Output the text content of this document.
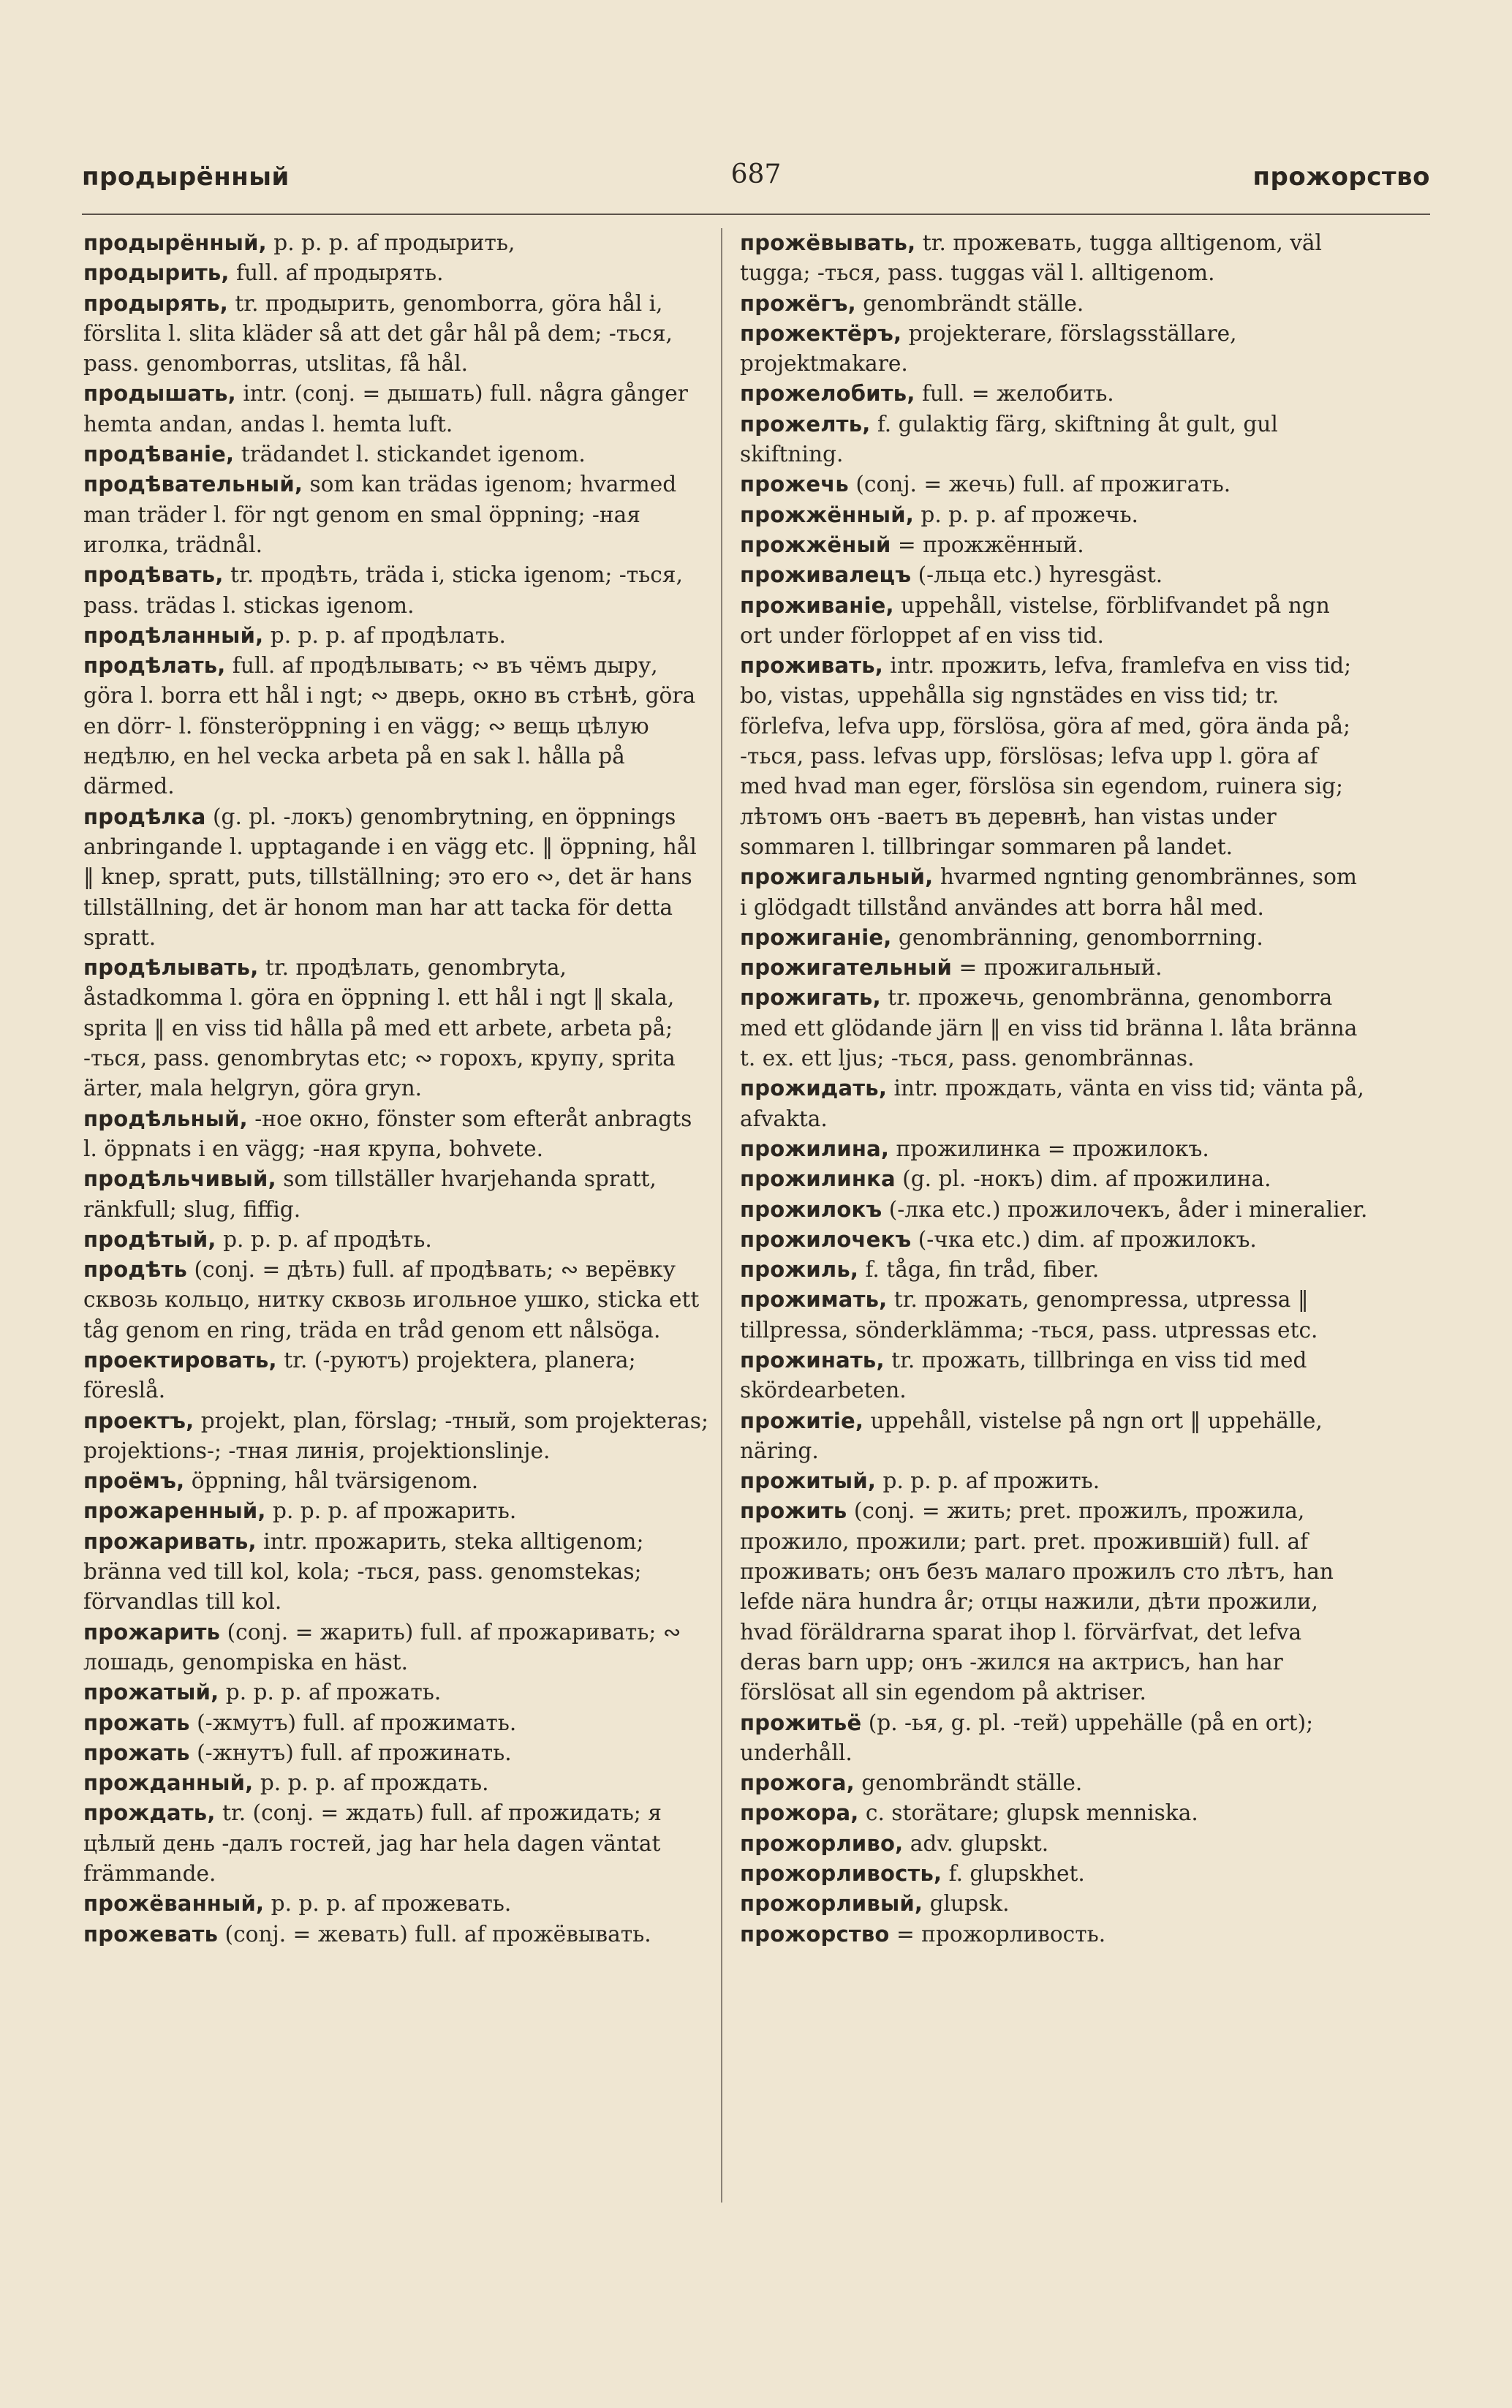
продырённый	687	прожорство

продырённый, p. p. p. af продырить,

продырить, full. af продырять.

продырять, tr. продырить, genomborra, göra hål i, förslita l. slita kläder så att det går hål på dem; -ться, pass. genomborras, utslitas, få hål.

продышать, intr. (conj. = дышать) full. några gånger hemta andan, andas l. hemta luft.

продѣваніе, trädandet l. stickandet igenom.

продѣвательный, som kan trädas igenom; hvarmed man träder l. för ngt genom en smal öppning; -ная иголка, trädnål.

продѣвать, tr. продѣть, träda i, sticka igenom; -ться, pass. trädas l. stickas igenom.

продѣланный, p. p. p. af продѣлать.

продѣлать, full. af продѣлывать; ∾ въ чёмъ дыру, göra l. borra ett hål i ngt; ∾ дверь, окно въ стѣнѣ, göra en dörr- l. fönsteröppning i en vägg; ∾ вещь цѣлую недѣлю, en hel vecka arbeta på en sak l. hålla på därmed.

продѣлка (g. pl. -локъ) genombrytning, en öppnings anbringande l. upptagande i en vägg etc. ‖ öppning, hål ‖ knep, spratt, puts, tillställning; это его ∾, det är hans tillställning, det är honom man har att tacka för detta spratt.

продѣлывать, tr. продѣлать, genombryta, åstadkomma l. göra en öppning l. ett hål i ngt ‖ skala, sprita ‖ en viss tid hålla på med ett arbete, arbeta på; -ться, pass. genombrytas etc; ∾ горохъ, крупу, sprita ärter, mala helgryn, göra gryn.

продѣльный, -ное окно, fönster som efteråt anbragts l. öppnats i en vägg; -ная крупа, bohvete.

продѣльчивый, som tillställer hvarjehanda spratt, ränkfull; slug, fiffig.

продѣтый, p. p. p. af продѣть.

продѣть (conj. = дѣть) full. af продѣвать; ∾ верёвку сквозь кольцо, нитку сквозь игольное ушко, sticka ett tåg genom en ring, träda en tråd genom ett nålsöga.

проектировать, tr. (-руютъ) projektera, planera; föreslå.

проектъ, projekt, plan, förslag; -тный, som projekteras; projektions-; -тная линія, projektionslinje.

проёмъ, öppning, hål tvärsigenom.

прожаренный, p. p. p. af прожарить.

прожаривать, intr. прожарить, steka alltigenom; bränna ved till kol, kola; -ться, pass. genomstekas; förvandlas till kol.

прожарить (conj. = жарить) full. af прожаривать; ∾ лошадь, genompiska en häst.

прожатый, p. p. p. af прожать.

прожать (-жмутъ) full. af прожимать.

прожать (-жнутъ) full. af прожинать.

прожданный, p. p. p. af прождать.

прождать, tr. (conj. = ждать) full. af прожидать; я цѣлый день -далъ гостей, jag har hela dagen väntat främmande.

прожёванный, p. p. p. af прожевать.

прожевать (conj. = жевать) full. af прожёвывать.

прожёвывать, tr. прожевать, tugga alltigenom, väl tugga; -ться, pass. tuggas väl l. alltigenom.

прожёгъ, genombrändt ställe.

прожектёръ, projekterare, förslagsställare, projektmakare.

прожелобить, full. = желобить.

прожелть, f. gulaktig färg, skiftning åt gult, gul skiftning.

прожечь (conj. = жечь) full. af прожигать.

прожжённый, p. p. p. af прожечь.

прожжёный = прожжённый.

проживалецъ (-льца etc.) hyresgäst.

проживаніе, uppehåll, vistelse, förblifvandet på ngn ort under förloppet af en viss tid.

проживать, intr. прожить, lefva, framlefva en viss tid; bo, vistas, uppehålla sig ngnstädes en viss tid; tr. förlefva, lefva upp, förslösa, göra af med, göra ända på; -ться, pass. lefvas upp, förslösas; lefva upp l. göra af med hvad man eger, förslösa sin egendom, ruinera sig; лѣтомъ онъ -ваетъ въ деревнѣ, han vistas under sommaren l. tillbringar sommaren på landet.

прожигальный, hvarmed ngnting genombrännes, som i glödgadt tillstånd användes att borra hål med.

прожиганіе, genombränning, genomborrning.

прожигательный = прожигальный.

прожигать, tr. прожечь, genombränna, genomborra med ett glödande järn ‖ en viss tid bränna l. låta bränna t. ex. ett ljus; -ться, pass. genombrännas.

прожидать, intr. прождать, vänta en viss tid; vänta på, afvakta.

прожилина, прожилинка = прожилокъ.

прожилинка (g. pl. -нокъ) dim. af прожилина.

прожилокъ (-лка etc.) прожилочекъ, åder i mineralier.

прожилочекъ (-чка etc.) dim. af прожилокъ.

прожиль, f. tåga, fin tråd, fiber.

прожимать, tr. прожать, genompressa, utpressa ‖ tillpressa, sönderklämma; -ться, pass. utpressas etc.

прожинать, tr. прожать, tillbringa en viss tid med skördearbeten.

прожитіе, uppehåll, vistelse på ngn ort ‖ uppehälle, näring.

прожитый, p. p. p. af прожить.

прожить (conj. = жить; pret. прожилъ, прожила, прожило, прожили; part. pret. прожившій) full. af проживать; онъ безъ малаго прожилъ сто лѣтъ, han lefde nära hundra år; отцы нажили, дѣти прожили, hvad föräldrarna sparat ihop l. förvärfvat, det lefva deras barn upp; онъ -жился на актрисъ, han har förslösat all sin egendom på aktriser.

прожитьё (p. -ья, g. pl. -тей) uppehälle (på en ort); underhåll.

прожога, genombrändt ställe.

прожора, c. storätare; glupsk menniska.

прожорливо, adv. glupskt.

прожорливость, f. glupskhet.

прожорливый, glupsk.

прожорство = прожорливость.
